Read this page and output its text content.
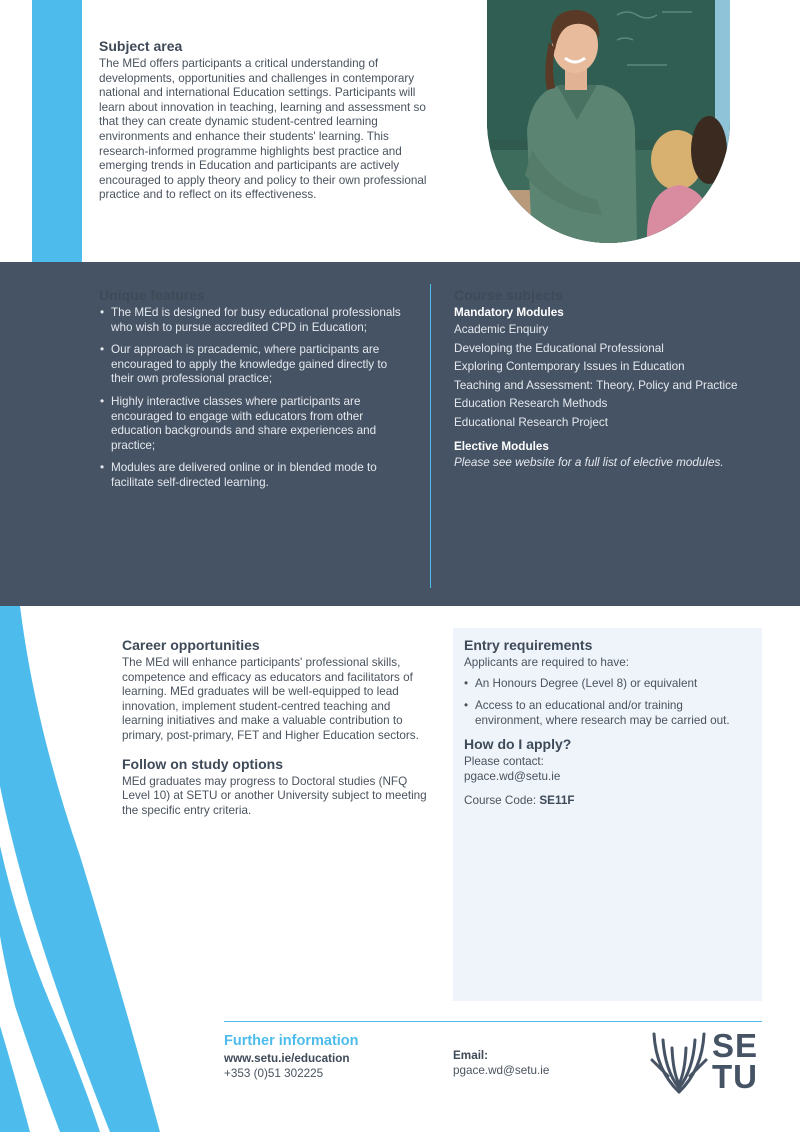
Subject area

The MEd offers participants a critical understanding of developments, opportunities and challenges in contemporary national and international Education settings. Participants will learn about innovation in teaching, learning and assessment so that they can create dynamic student-centred learning environments and enhance their students' learning. This research-informed programme highlights best practice and emerging trends in Education and participants are actively encouraged to apply theory and policy to their own professional practice and to reflect on its effectiveness.

Unique features
• The MEd is designed for busy educational professionals who wish to pursue accredited CPD in Education;
• Our approach is pracademic, where participants are encouraged to apply the knowledge gained directly to their own professional practice;
• Highly interactive classes where participants are encouraged to engage with educators from other education backgrounds and share experiences and practice;
• Modules are delivered online or in blended mode to facilitate self-directed learning.
Course subjects
Mandatory Modules
Academic Enquiry
Developing the Educational Professional
Exploring Contemporary Issues in Education
Teaching and Assessment: Theory, Policy and Practice
Education Research Methods
Educational Research Project
Elective Modules
Please see website for a full list of elective modules.
Career opportunities

The MEd will enhance participants' professional skills, competence and efficacy as educators and facilitators of learning. MEd graduates will be well-equipped to lead innovation, implement student-centred teaching and learning initiatives and make a valuable contribution to primary, post-primary, FET and Higher Education sectors.

Follow on study options

MEd graduates may progress to Doctoral studies (NFQ Level 10) at SETU or another University subject to meeting the specific entry criteria.

Entry requirements

Applicants are required to have:

• An Honours Degree (Level 8) or equivalent
• Access to an educational and/or training environment, where research may be carried out.
How do I apply?

Please contact:

pgace.wd@setu.ie

Course Code: SE11F

Further information
www.setu.ie/education
+353 (0)51 302225
Email:
pgace.wd@setu.ie
SE
TU
